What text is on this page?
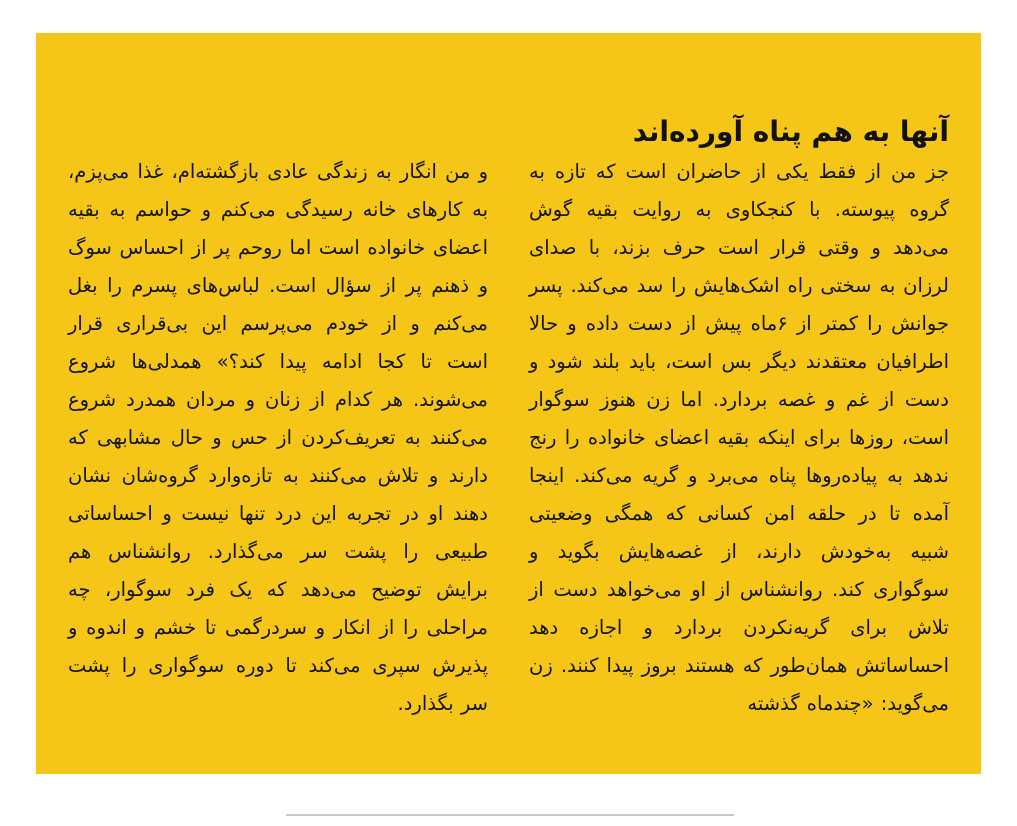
آنها به هم پناه آورده‌اند

جز من از فقط یکی از حاضران است که تازه به گروه پیوسته. با کنجکاوی به روایت بقیه گوش می‌دهد و وقتی قرار است حرف بزند، با صدای لرزان به سختی راه اشک‌هایش را سد می‌کند. پسر جوانش را کمتر از ۶ماه پیش از دست داده و حالا اطرافیان معتقدند دیگر بس است، باید بلند شود و دست از غم و غصه بردارد. اما زن هنوز سوگوار است، روزها برای اینکه بقیه اعضای خانواده را رنج ندهد به پیاده‌روها پناه می‌برد و گریه می‌کند. اینجا آمده تا در حلقه امن کسانی که همگی وضعیتی شبیه به‌خودش دارند، از غصه‌هایش بگوید و سوگواری کند. روانشناس از او می‌خواهد دست از تلاش برای گریه‌نکردن بردارد و اجازه دهد احساساتش همان‌طور که هستند بروز پیدا کنند. زن می‌گوید: «چندماه گذشته

و من انگار به زندگی عادی بازگشته‌ام، غذا می‌پزم، به کارهای خانه رسیدگی می‌کنم و حواسم به بقیه اعضای خانواده است اما روحم پر از احساس سوگ و ذهنم پر از سؤال است. لباس‌های پسرم را بغل می‌کنم و از خودم می‌پرسم این بی‌قراری قرار است تا کجا ادامه پیدا کند؟» همدلی‌ها شروع می‌شوند. هر کدام از زنان و مردان همدرد شروع می‌کنند به تعریف‌کردن از حس و حال مشابهی که دارند و تلاش می‌کنند به تازه‌وارد گروه‌شان نشان دهند او در تجربه این درد تنها نیست و احساساتی طبیعی را پشت سر می‌گذارد. روانشناس هم برایش توضیح می‌دهد که یک فرد سوگوار، چه مراحلی را از انکار و سردرگمی تا خشم و اندوه و پذیرش سپری می‌کند تا دوره سوگواری را پشت سر بگذارد.
